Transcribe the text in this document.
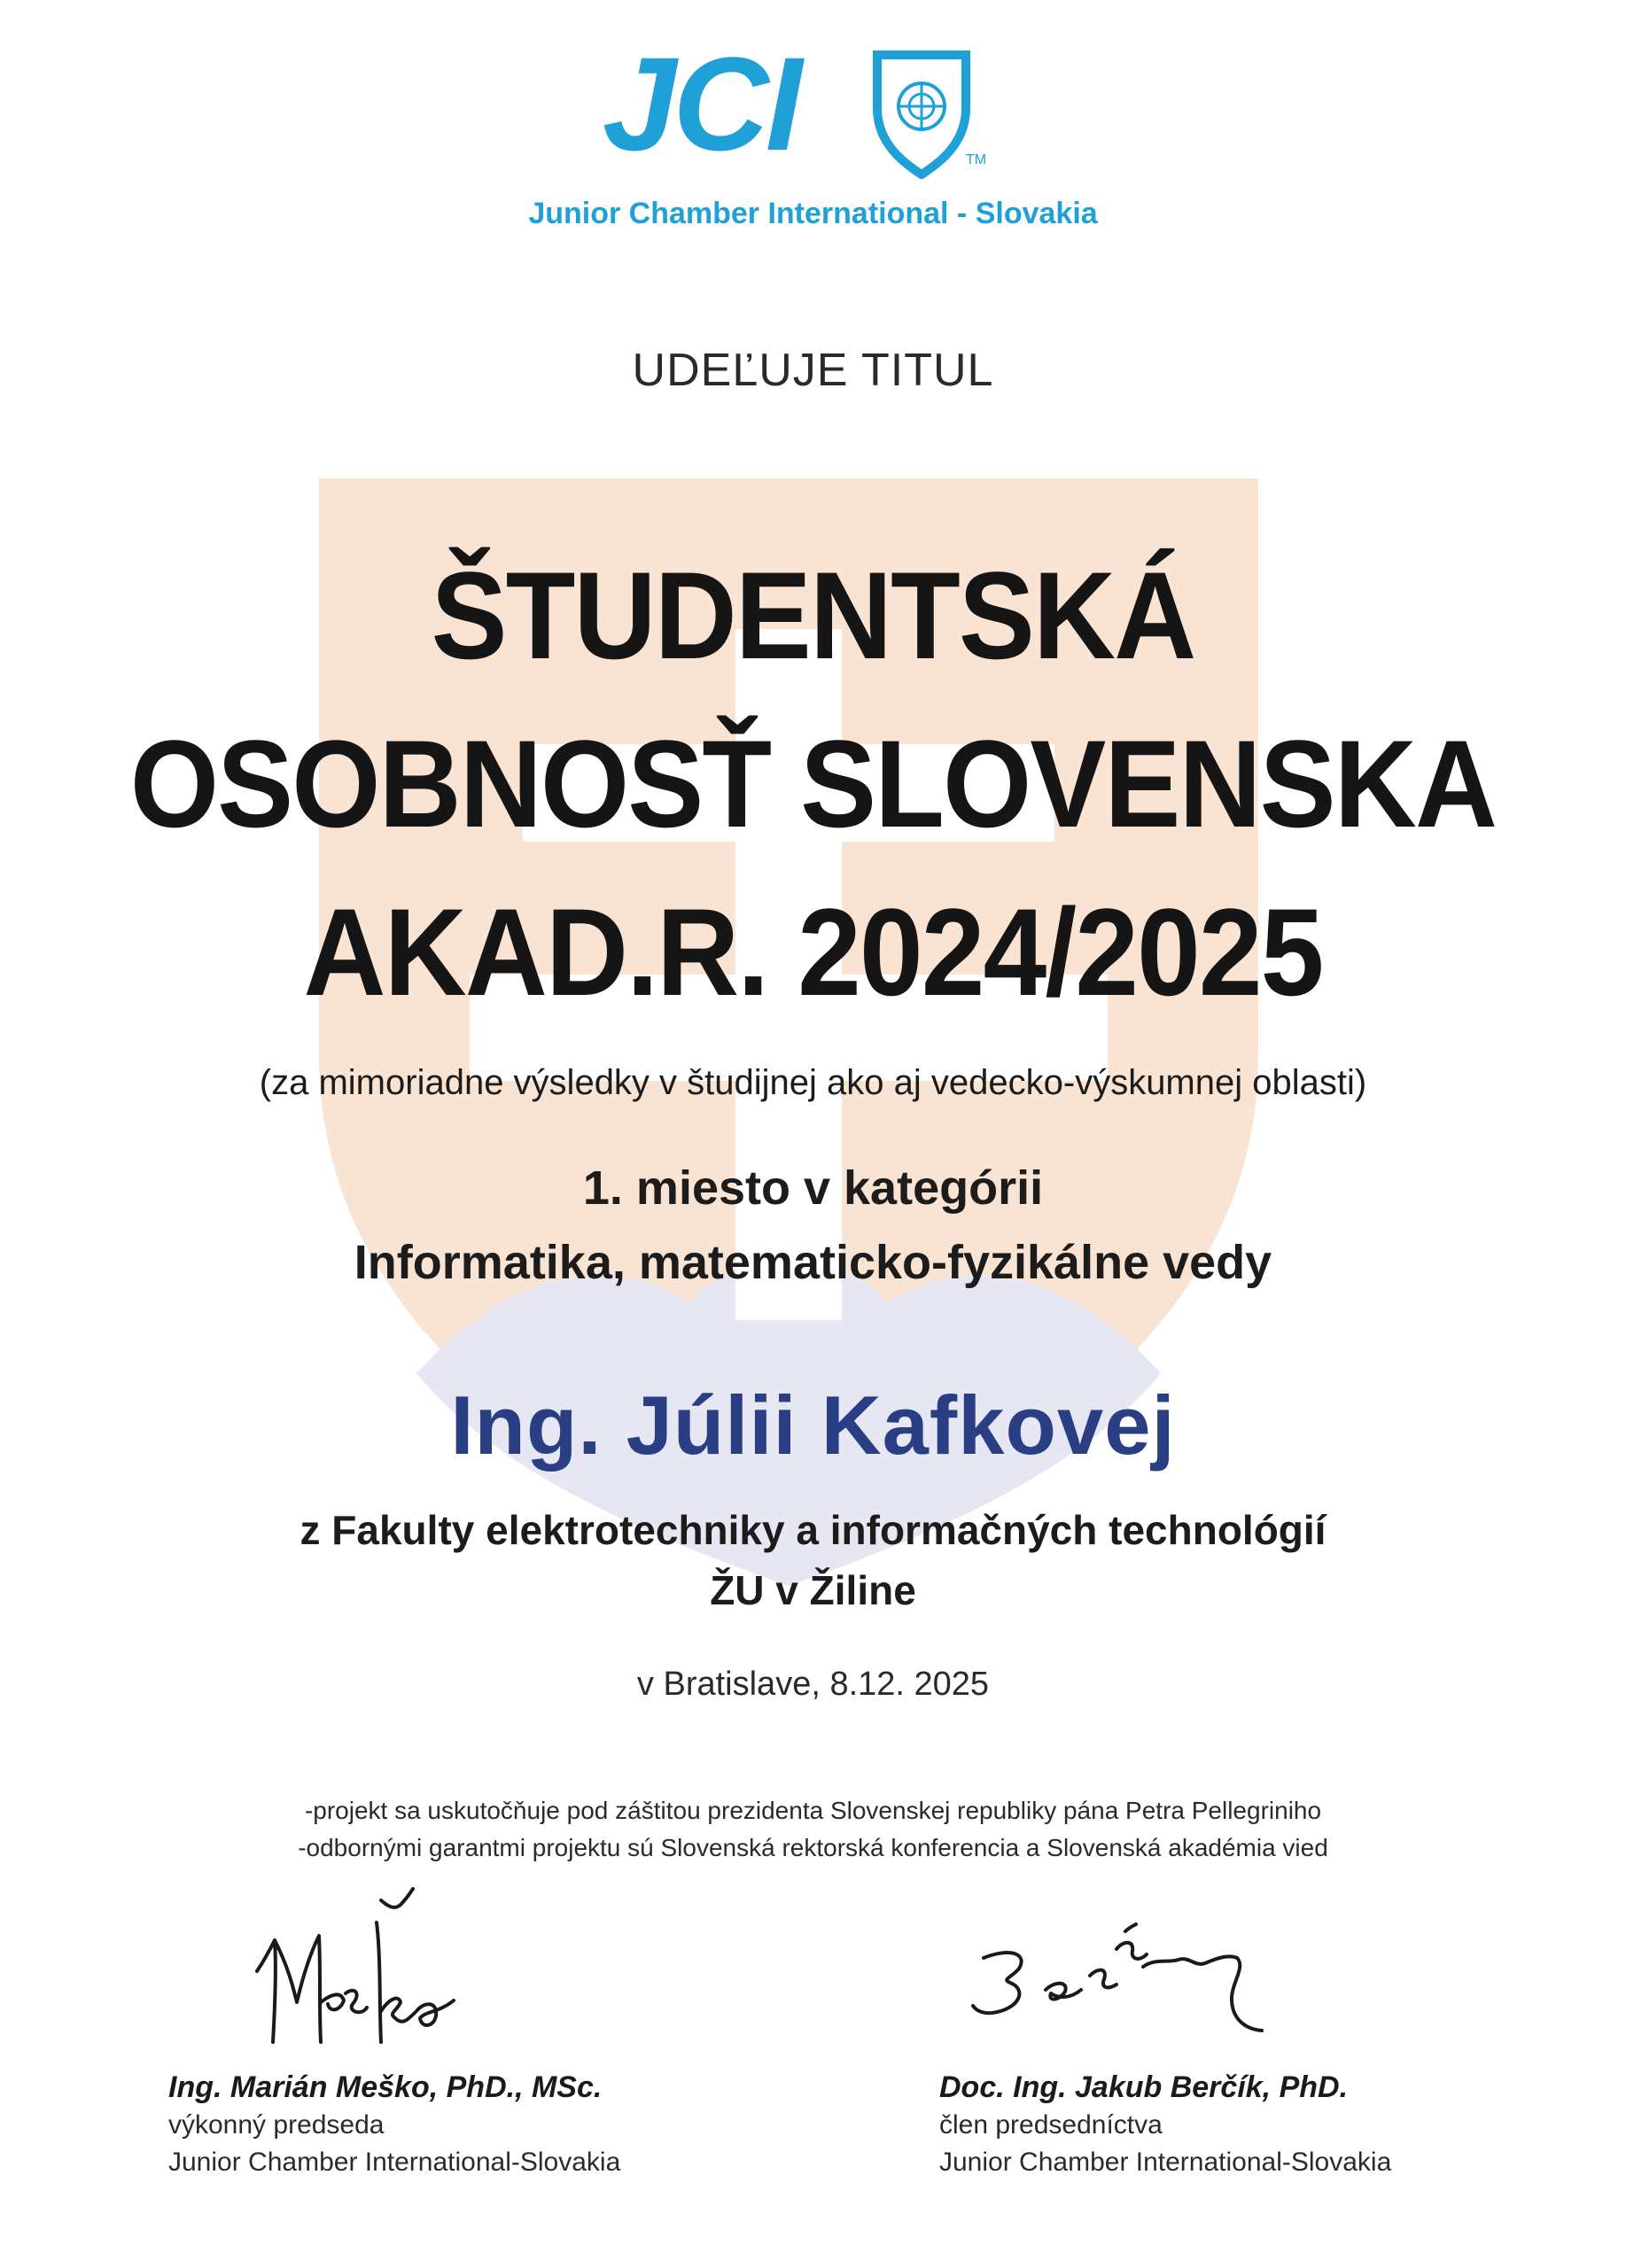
JCI	TM
Junior Chamber International - Slovakia
UDEĽUJE TITUL
ŠTUDENTSKÁ
OSOBNOSŤ SLOVENSKA
AKAD.R. 2024/2025
(za mimoriadne výsledky v študijnej ako aj vedecko-výskumnej oblasti)
1. miesto v kategórii
Informatika, matematicko-fyzikálne vedy
Ing. Júlii Kafkovej
z Fakulty elektrotechniky a informačných technológií
ŽU v Žiline
v Bratislave, 8.12. 2025
-projekt sa uskutočňuje pod záštitou prezidenta Slovenskej republiky pána Petra Pellegriniho
-odbornými garantmi projektu sú Slovenská rektorská konferencia a Slovenská akadémia vied
Ing. Marián Meško, PhD., MSc.
výkonný predseda
Junior Chamber International-Slovakia
Doc. Ing. Jakub Berčík, PhD.
člen predsedníctva
Junior Chamber International-Slovakia
